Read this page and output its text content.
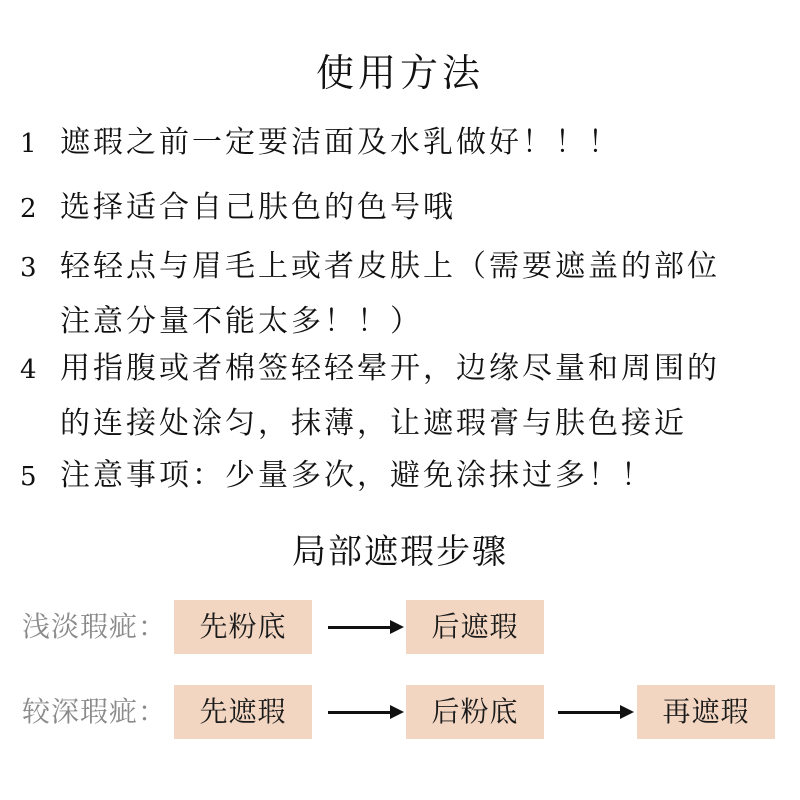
使用方法
1 遮瑕之前一定要洁面及水乳做好！！！
2 选择适合自己肤色的色号哦
3 轻轻点与眉毛上或者皮肤上（需要遮盖的部位
注意分量不能太多！！）
4 用指腹或者棉签轻轻晕开，边缘尽量和周围的
的连接处涂匀，抹薄，让遮瑕膏与肤色接近
5 注意事项：少量多次，避免涂抹过多！！
局部遮瑕步骤
浅淡瑕疵：	先粉底	后遮瑕
较深瑕疵：	先遮瑕	后粉底	再遮瑕
